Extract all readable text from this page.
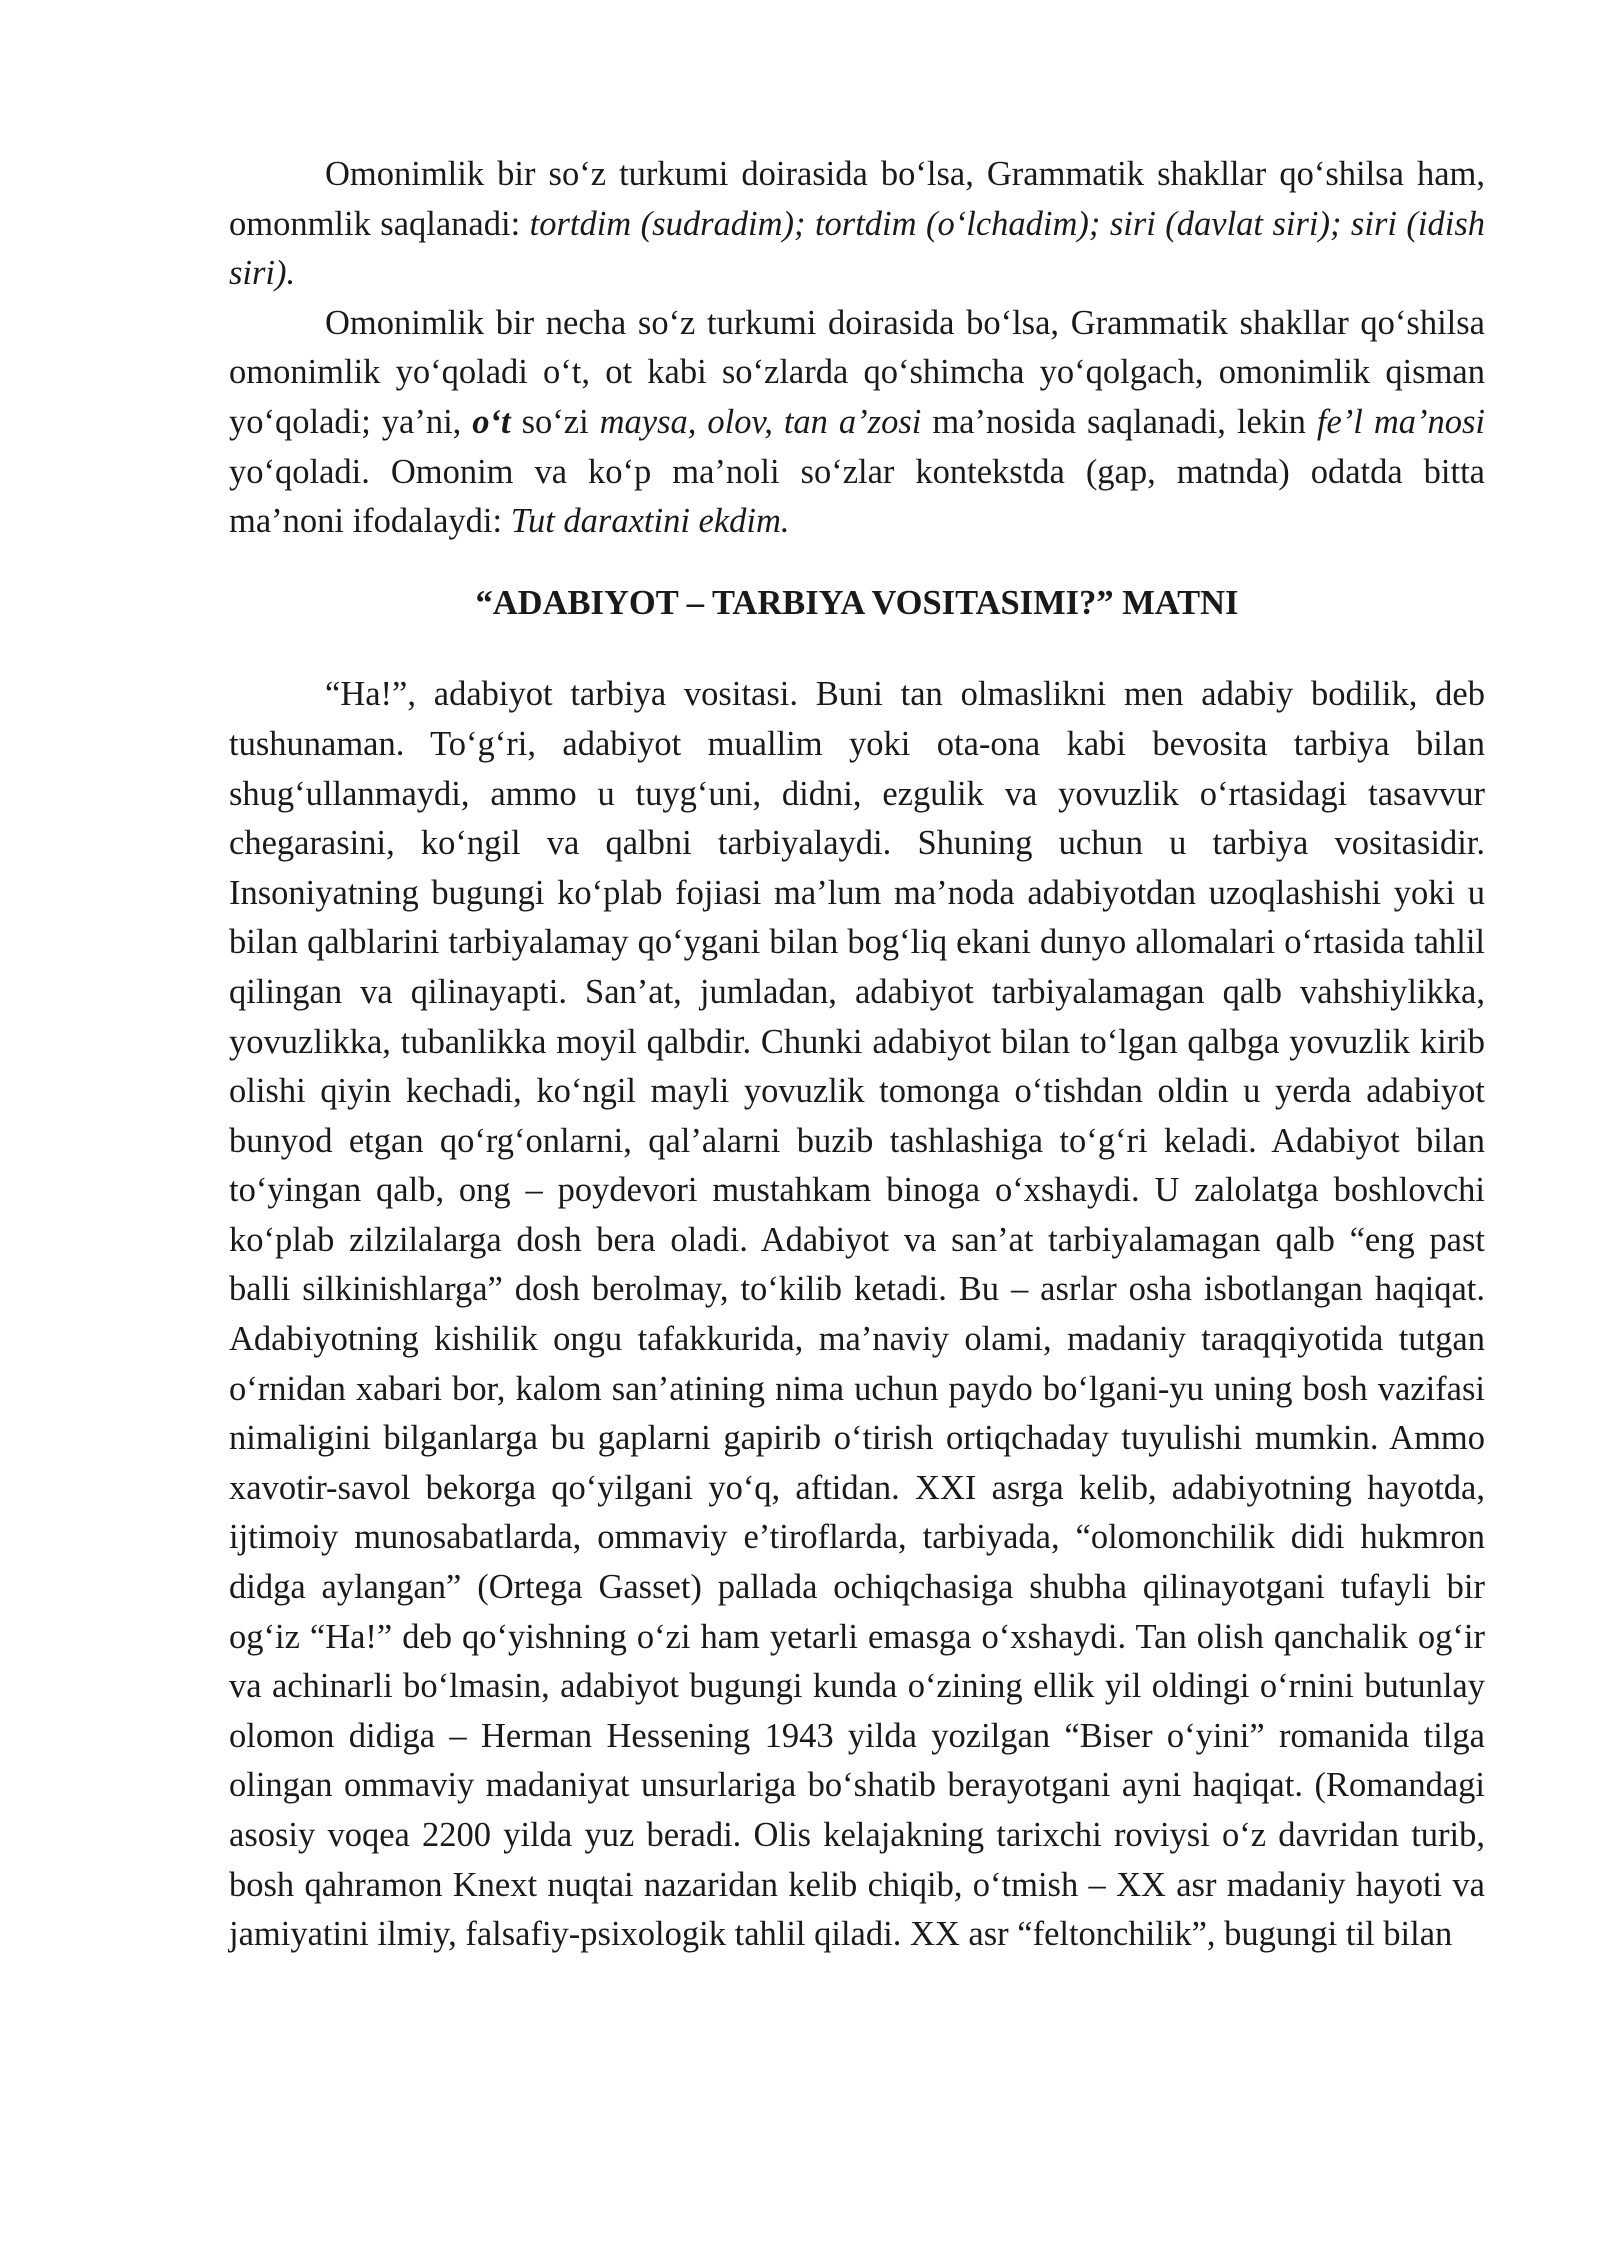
Omonimlik bir so‘z turkumi doirasida bo‘lsa, Grammatik shakllar qo‘shilsa ham, omonmlik saqlanadi: tortdim (sudradim); tortdim (o‘lchadim); siri (davlat siri); siri (idish siri).

Omonimlik bir necha so‘z turkumi doirasida bo‘lsa, Grammatik shakllar qo‘shilsa omonimlik yo‘qoladi o‘t, ot kabi so‘zlarda qo‘shimcha yo‘qolgach, omonimlik qisman yo‘qoladi; ya’ni, o‘t so‘zi maysa, olov, tan a’zosi ma’nosida saqlanadi, lekin fe’l ma’nosi yo‘qoladi. Omonim va ko‘p ma’noli so‘zlar kontekstda (gap, matnda) odatda bitta ma’noni ifodalaydi: Tut daraxtini ekdim.

“ADABIYOT – TARBIYA VOSITASIMI?” MATNI

“Ha!”, adabiyot tarbiya vositasi. Buni tan olmaslikni men adabiy bodilik, deb tushunaman. To‘g‘ri, adabiyot muallim yoki ota-ona kabi bevosita tarbiya bilan shug‘ullanmaydi, ammo u tuyg‘uni, didni, ezgulik va yovuzlik o‘rtasidagi tasavvur chegarasini, ko‘ngil va qalbni tarbiyalaydi. Shuning uchun u tarbiya vositasidir. Insoniyatning bugungi ko‘plab fojiasi ma’lum ma’noda adabiyotdan uzoqlashishi yoki u bilan qalblarini tarbiyalamay qo‘ygani bilan bog‘liq ekani dunyo allomalari o‘rtasida tahlil qilingan va qilinayapti. San’at, jumladan, adabiyot tarbiyalamagan qalb vahshiylikka, yovuzlikka, tubanlikka moyil qalbdir. Chunki adabiyot bilan to‘lgan qalbga yovuzlik kirib olishi qiyin kechadi, ko‘ngil mayli yovuzlik tomonga o‘tishdan oldin u yerda adabiyot bunyod etgan qo‘rg‘onlarni, qal’alarni buzib tashlashiga to‘g‘ri keladi. Adabiyot bilan to‘yingan qalb, ong – poydevori mustahkam binoga o‘xshaydi. U zalolatga boshlovchi ko‘plab zilzilalarga dosh bera oladi. Adabiyot va san’at tarbiyalamagan qalb “eng past balli silkinishlarga” dosh berolmay, to‘kilib ketadi. Bu – asrlar osha isbotlangan haqiqat. Adabiyotning kishilik ongu tafakkurida, ma’naviy olami, madaniy taraqqiyotida tutgan o‘rnidan xabari bor, kalom san’atining nima uchun paydo bo‘lgani-yu uning bosh vazifasi nimaligini bilganlarga bu gaplarni gapirib o‘tirish ortiqchaday tuyulishi mumkin. Ammo xavotir-savol bekorga qo‘yilgani yo‘q, aftidan. XXI asrga kelib, adabiyotning hayotda, ijtimoiy munosabatlarda, ommaviy e’tiroflarda, tarbiyada, “olomonchilik didi hukmron didga aylangan” (Ortega Gasset) pallada ochiqchasiga shubha qilinayotgani tufayli bir og‘iz “Ha!” deb qo‘yishning o‘zi ham yetarli emasga o‘xshaydi. Tan olish qanchalik og‘ir va achinarli bo‘lmasin, adabiyot bugungi kunda o‘zining ellik yil oldingi o‘rnini butunlay olomon didiga – Herman Hessening 1943 yilda yozilgan “Biser o‘yini” romanida tilga olingan ommaviy madaniyat unsurlariga bo‘shatib berayotgani ayni haqiqat. (Romandagi asosiy voqea 2200 yilda yuz beradi. Olis kelajakning tarixchi roviysi o‘z davridan turib, bosh qahramon Knext nuqtai nazaridan kelib chiqib, o‘tmish – XX asr madaniy hayoti va jamiyatini ilmiy, falsafiy-psixologik tahlil qiladi. XX asr “feltonchilik”, bugungi til bilan
